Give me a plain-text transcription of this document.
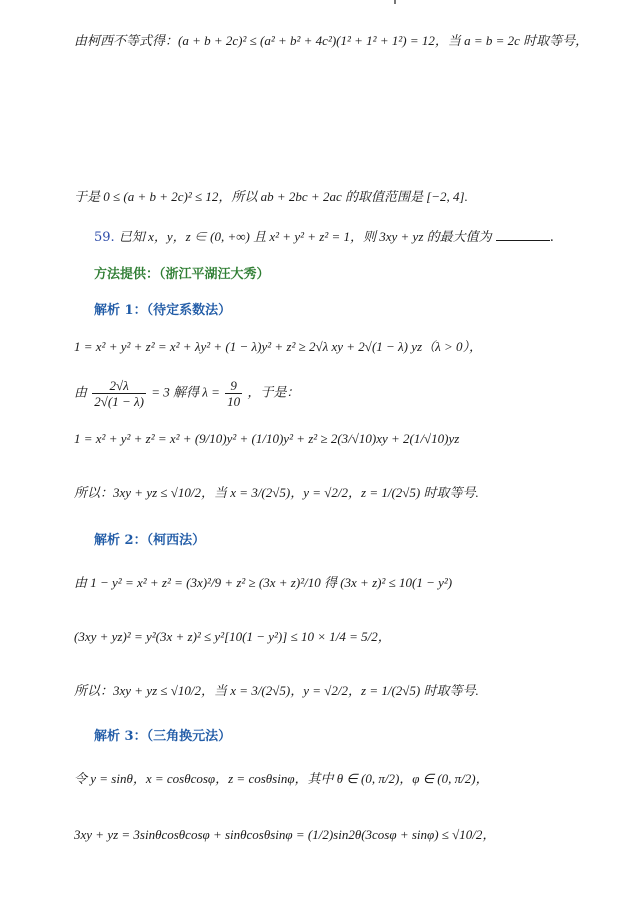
由柯西不等式得：(a + b + 2c)² ≤ (a² + b² + 4c²)(1² + 1² + 1²) = 12，当 a = b = 2c 时取等号，
于是 0 ≤ (a + b + 2c)² ≤ 12，所以 ab + 2bc + 2ac 的取值范围是 [−2, 4].
59. 已知 x，y，z ∈ (0, +∞) 且 x² + y² + z² = 1，则 3xy + yz 的最大值为	.
方法提供：（浙江平湖汪大秀）
解析 1：（待定系数法）
1 = x² + y² + z² = x² + λy² + (1 − λ)y² + z² ≥ 2√λ xy + 2√(1 − λ) yz（λ > 0），
由 $\frac{2√\lambda}{2√(1 - \lambda)} = 3$ 解得 $\lambda = \frac{9}{10}$ ，于是：
1 = x² + y² + z² = x² + (9/10)y² + (1/10)y² + z² ≥ 2(3/√10)xy + 2(1/√10)yz
所以：3xy + yz ≤ √10/2，当 x = 3/(2√5)，y = √2/2，z = 1/(2√5) 时取等号.
解析 2：（柯西法）
由 1 − y² = x² + z² = (3x)²/9 + z² ≥ (3x + z)²/10 得 (3x + z)² ≤ 10(1 − y²)
(3xy + yz)² = y²(3x + z)² ≤ y²[10(1 − y²)] ≤ 10 × 1/4 = 5/2，
所以：3xy + yz ≤ √10/2，当 x = 3/(2√5)，y = √2/2，z = 1/(2√5) 时取等号.
解析 3：（三角换元法）
令 y = sinθ，x = cosθcosφ，z = cosθsinφ，其中 θ ∈ (0, π/2)，φ ∈ (0, π/2)，
3xy + yz = 3sinθcosθcosφ + sinθcosθsinφ = (1/2)sin2θ(3cosφ + sinφ) ≤ √10/2，
